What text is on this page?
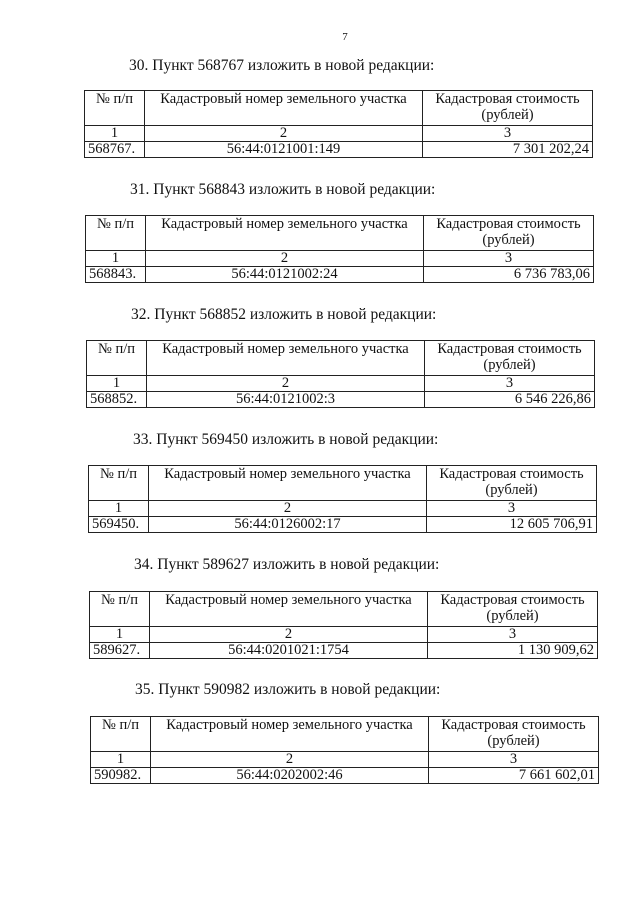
7
30. Пункт 568767 изложить в новой редакции:
№ п/п	Кадастровый номер земельного участка	Кадастровая стоимость
(рублей)
1	2	3
568767.	56:44:0121001:149	7 301 202,24
31. Пункт 568843 изложить в новой редакции:
№ п/п	Кадастровый номер земельного участка	Кадастровая стоимость
(рублей)
1	2	3
568843.	56:44:0121002:24	6 736 783,06
32. Пункт 568852 изложить в новой редакции:
№ п/п	Кадастровый номер земельного участка	Кадастровая стоимость
(рублей)
1	2	3
568852.	56:44:0121002:3	6 546 226,86
33. Пункт 569450 изложить в новой редакции:
№ п/п	Кадастровый номер земельного участка	Кадастровая стоимость
(рублей)
1	2	3
569450.	56:44:0126002:17	12 605 706,91
34. Пункт 589627 изложить в новой редакции:
№ п/п	Кадастровый номер земельного участка	Кадастровая стоимость
(рублей)
1	2	3
589627.	56:44:0201021:1754	1 130 909,62
35. Пункт 590982 изложить в новой редакции:
№ п/п	Кадастровый номер земельного участка	Кадастровая стоимость
(рублей)
1	2	3
590982.	56:44:0202002:46	7 661 602,01
